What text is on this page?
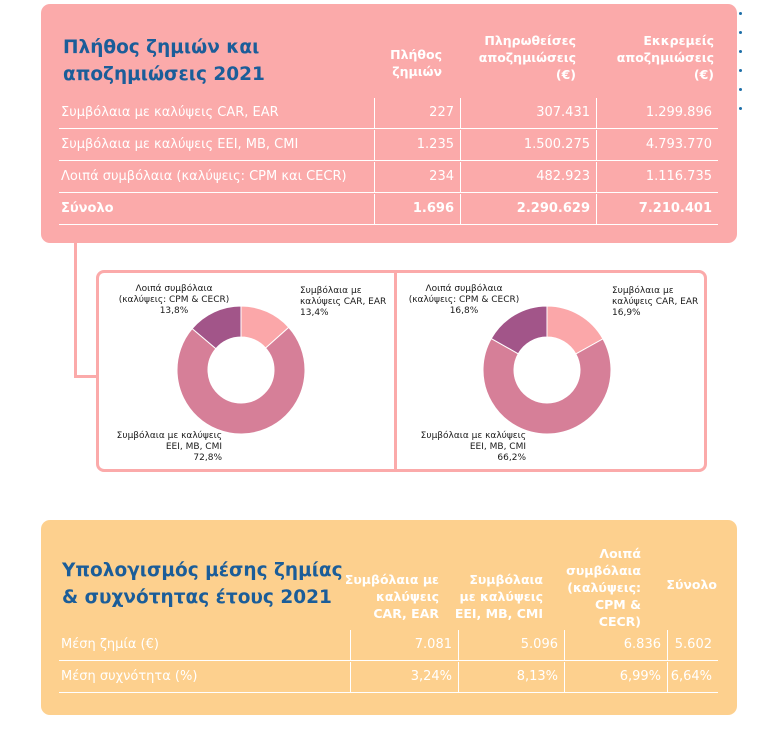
Πλήθος ζημιών και αποζημιώσεις 2021
Πλήθος ζημιών
Πληρωθείσες αποζημιώσεις (€)
Εκκρεμείς αποζημιώσεις (€)
Συμβόλαια με καλύψεις CAR, EAR	227	307.431	1.299.896
Συμβόλαια με καλύψεις EEI, MB, CMI	1.235	1.500.275	4.793.770
Λοιπά συμβόλαια (καλύψεις: CPM και CECR)	234	482.923	1.116.735
Σύνολο	1.696	2.290.629	7.210.401
Λοιπά συμβόλαια
(καλύψεις: CPM & CECR)
13,8%
Συμβόλαια με
καλύψεις CAR, EAR
13,4%
Συμβόλαια με καλύψεις
EEI, MB, CMI
72,8%
Λοιπά συμβόλαια
(καλύψεις: CPM & CECR)
16,8%
Συμβόλαια με
καλύψεις CAR, EAR
16,9%
Συμβόλαια με καλύψεις
EEI, MB, CMI
66,2%
Υπολογισμός μέσης ζημίας & συχνότητας έτους 2021
Συμβόλαια με καλύψεις CAR, EAR
Συμβόλαια με καλύψεις EEI, MB, CMI
Λοιπά συμβόλαια (καλύψεις: CPM & CECR)
Σύνολο
Μέση ζημία (€)	7.081	5.096	6.836	5.602
Μέση συχνότητα (%)	3,24%	8,13%	6,99% 6,64%
